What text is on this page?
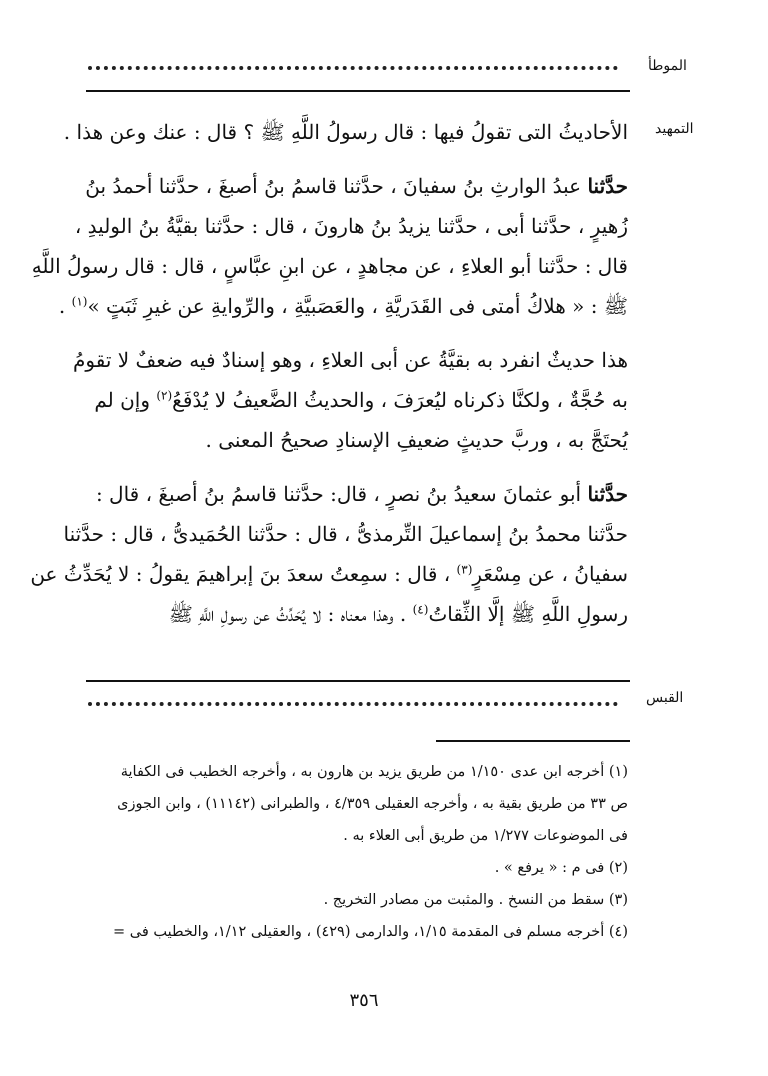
الموطأ
التمهيد
الأحاديثُ التى تقولُ فيها : قال رسولُ اللَّهِ ﷺ ؟ قال : عنك وعن هذا .
حدَّثنا عبدُ الوارثِ بنُ سفيانَ ، حدَّثنا قاسمُ بنُ أصبغَ ، حدَّثنا أحمدُ بنُ
زُهيرٍ ، حدَّثنا أبى ، حدَّثنا يزيدُ بنُ هارونَ ، قال : حدَّثنا بقيَّةُ بنُ الوليدِ ،
قال : حدَّثنا أبو العلاءِ ، عن مجاهدٍ ، عن ابنِ عبَّاسٍ ، قال : قال رسولُ اللَّهِ
ﷺ : « هلاكُ أمتى فى القَدَريَّةِ ، والعَصَبيَّةِ ، والرِّوايةِ عن غيرِ ثَبَتٍ »$^{(١)}$ .
هذا حديثٌ انفرد به بقيَّةُ عن أبى العلاءِ ، وهو إسنادٌ فيه ضعفٌ لا تقومُ
به حُجَّةٌ ، ولكنَّا ذكرناه ليُعرَفَ ، والحديثُ الضَّعيفُ لا يُدْفَعُ$^{(٢)}$ وإن لم
يُحتَجَّ به ، وربَّ حديثٍ ضعيفِ الإسنادِ صحيحُ المعنى .
حدَّثنا أبو عثمانَ سعيدُ بنُ نصرٍ ، قال: حدَّثنا قاسمُ بنُ أصبغَ ، قال :
حدَّثنا محمدُ بنُ إسماعيلَ التِّرمذىُّ ، قال : حدَّثنا الحُمَيدىُّ ، قال : حدَّثنا
سفيانُ ، عن مِسْعَرٍ$^{(٣)}$ ، قال : سمِعتُ سعدَ بنَ إبراهيمَ يقولُ : لا يُحَدِّثُ عن
رسولِ اللَّهِ ﷺ إلَّا الثِّقاتُ$^{(٤)}$ . وهذا معناه : لا يُحَدِّثُ عن رسولِ اللَّهِ ﷺ
القبس
(١) أخرجه ابن عدى ١/١٥٠ من طريق يزيد بن هارون به ، وأخرجه الخطيب فى الكفاية
ص ٣٣ من طريق بقية به ، وأخرجه العقيلى ٤/٣٥٩ ، والطبرانى (١١١٤٢) ، وابن الجوزى
فى الموضوعات ١/٢٧٧ من طريق أبى العلاء به .
(٢) فى م : « يرفع » .
(٣) سقط من النسخ . والمثبت من مصادر التخريج .
(٤) أخرجه مسلم فى المقدمة ١/١٥، والدارمى (٤٢٩) ، والعقيلى ١/١٢، والخطيب فى =
٣٥٦
